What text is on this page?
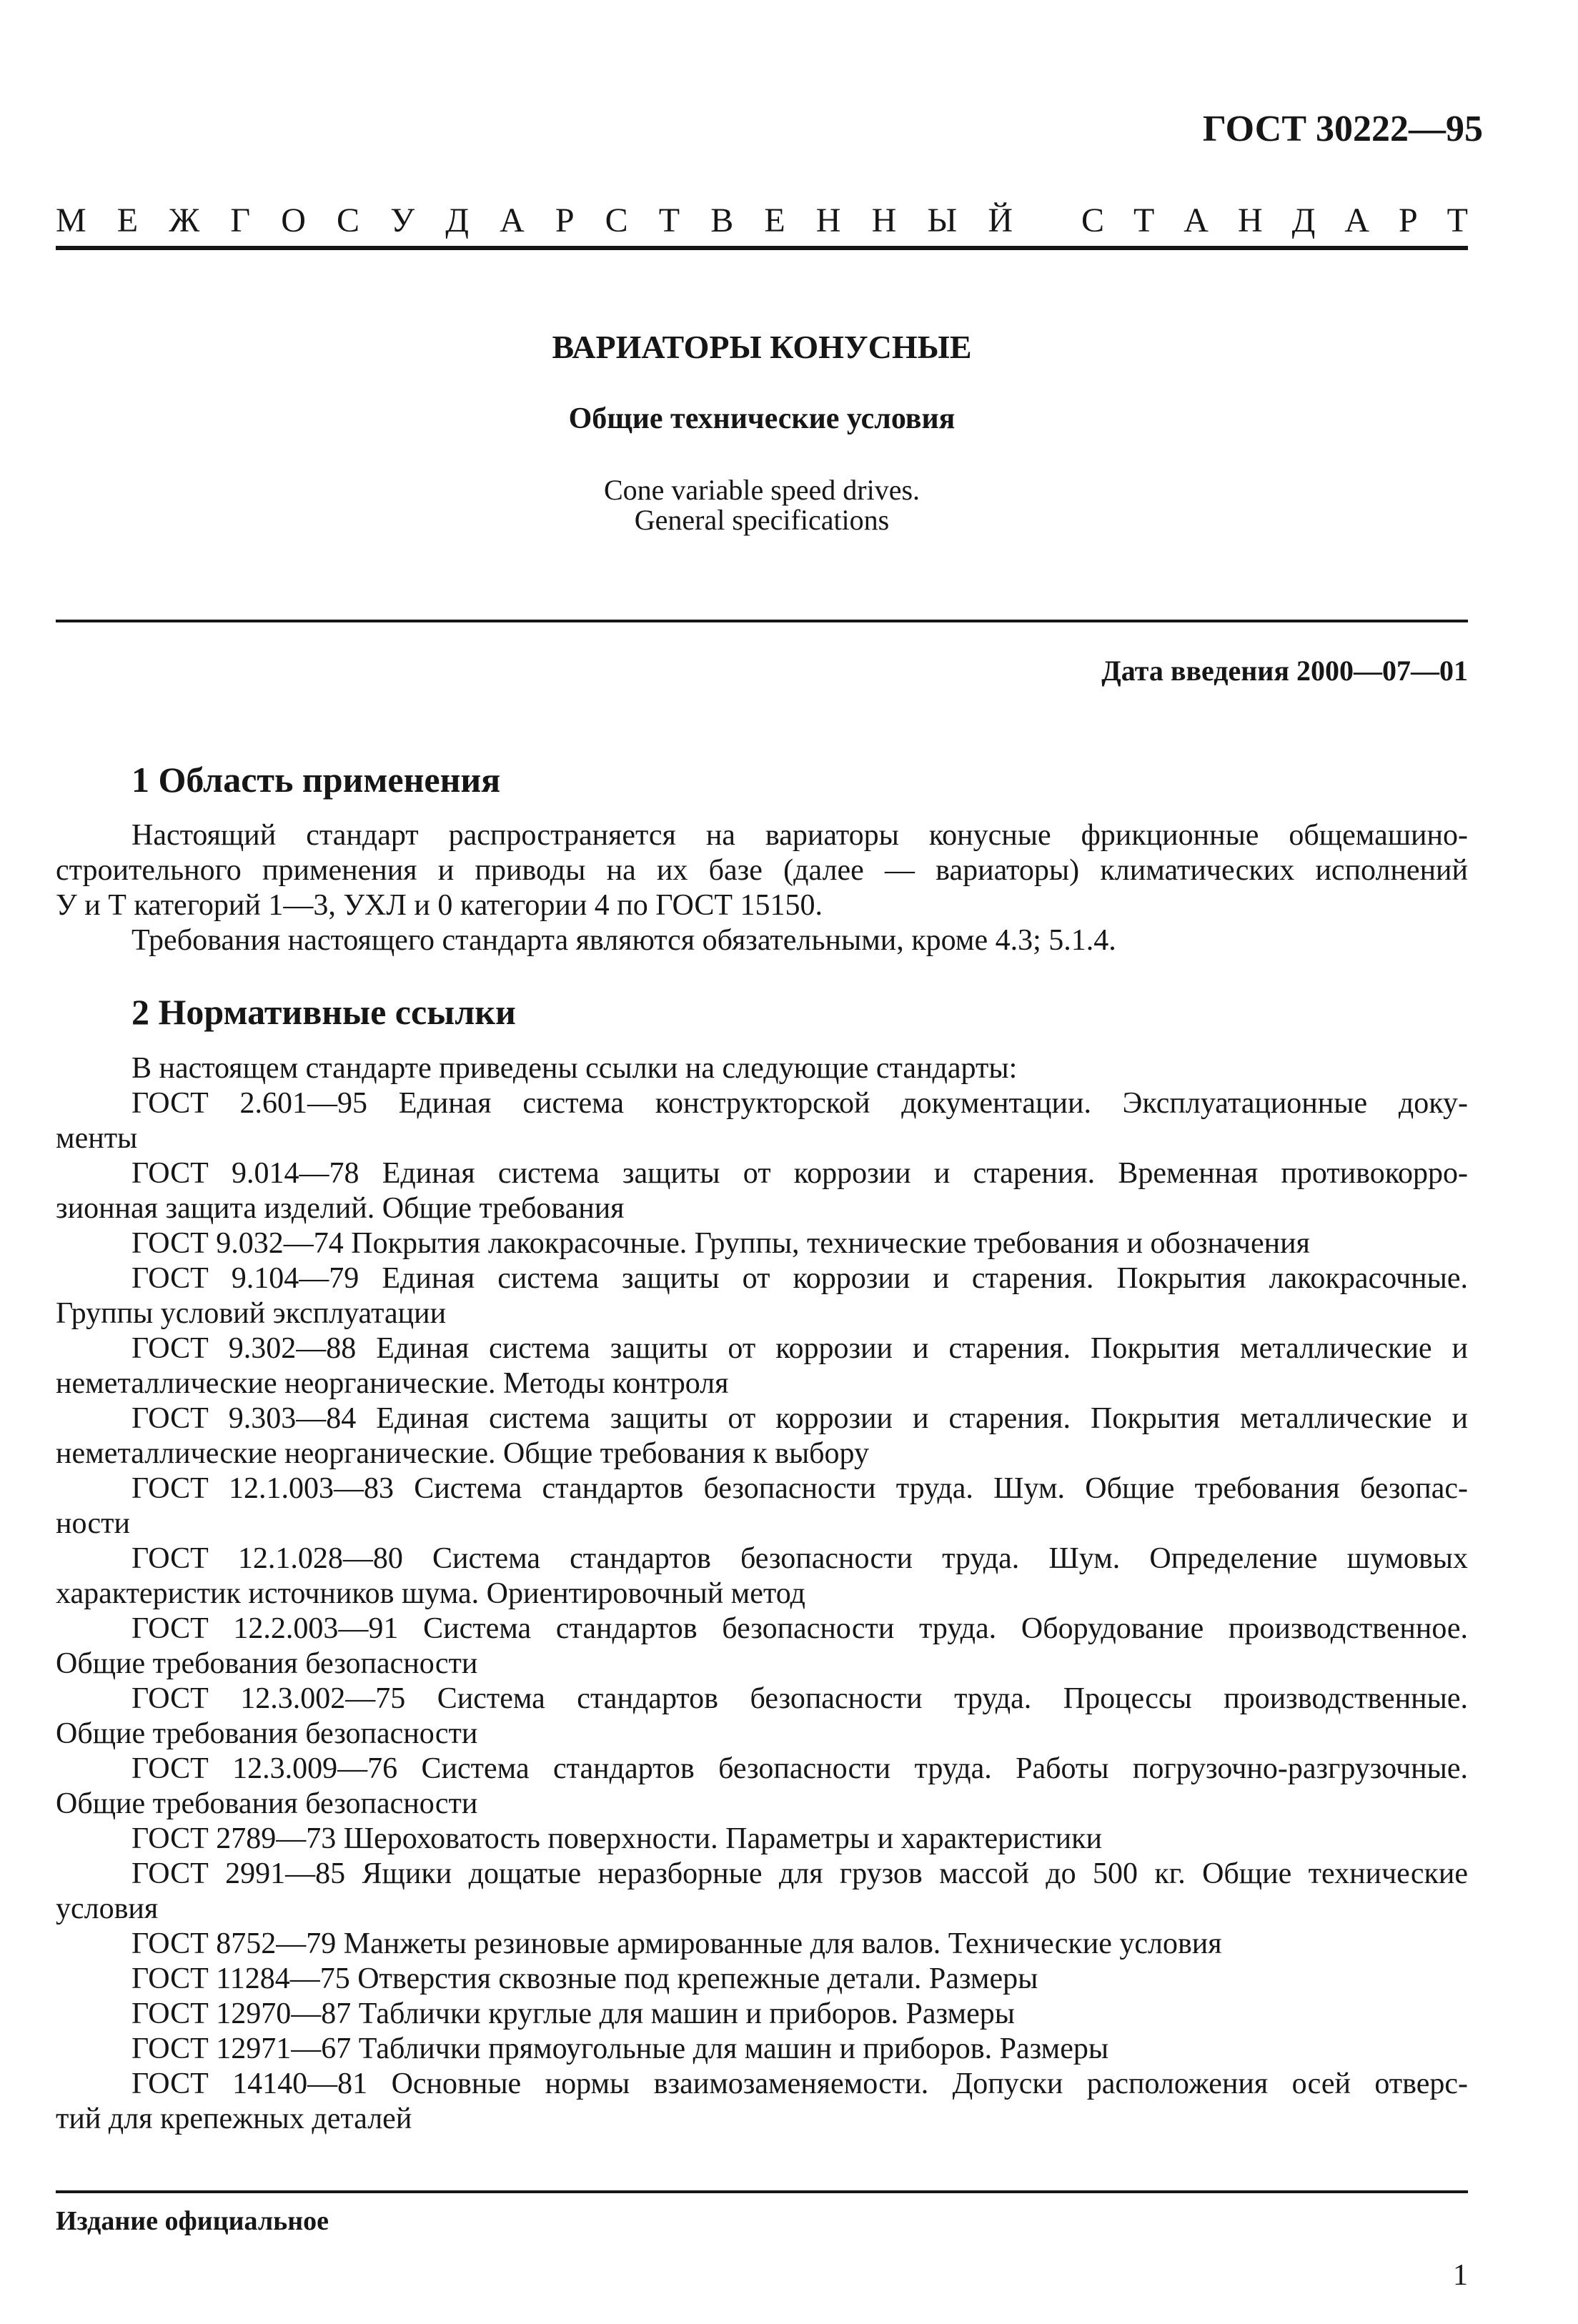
ГОСТ 30222—95
М Е Ж Г О С У Д А Р С Т В Е Н Н Ы Й С Т А Н Д А Р Т
ВАРИАТОРЫ КОНУСНЫЕ
Общие технические условия
Cone variable speed drives.
General specifications
Дата введения 2000—07—01
1 Область применения
Настоящий стандарт распространяется на вариаторы конусные фрикционные общемашино-
строительного применения и приводы на их базе (далее — вариаторы) климатических исполнений
У и Т категорий 1—3, УХЛ и 0 категории 4 по ГОСТ 15150.
Требования настоящего стандарта являются обязательными, кроме 4.3; 5.1.4.
2 Нормативные ссылки
В настоящем стандарте приведены ссылки на следующие стандарты:
ГОСТ 2.601—95 Единая система конструкторской документации. Эксплуатационные доку-
менты
ГОСТ 9.014—78 Единая система защиты от коррозии и старения. Временная противокорро-
зионная защита изделий. Общие требования
ГОСТ 9.032—74 Покрытия лакокрасочные. Группы, технические требования и обозначения
ГОСТ 9.104—79 Единая система защиты от коррозии и старения. Покрытия лакокрасочные.
Группы условий эксплуатации
ГОСТ 9.302—88 Единая система защиты от коррозии и старения. Покрытия металлические и
неметаллические неорганические. Методы контроля
ГОСТ 9.303—84 Единая система защиты от коррозии и старения. Покрытия металлические и
неметаллические неорганические. Общие требования к выбору
ГОСТ 12.1.003—83 Система стандартов безопасности труда. Шум. Общие требования безопас-
ности
ГОСТ 12.1.028—80 Система стандартов безопасности труда. Шум. Определение шумовых
характеристик источников шума. Ориентировочный метод
ГОСТ 12.2.003—91 Система стандартов безопасности труда. Оборудование производственное.
Общие требования безопасности
ГОСТ 12.3.002—75 Система стандартов безопасности труда. Процессы производственные.
Общие требования безопасности
ГОСТ 12.3.009—76 Система стандартов безопасности труда. Работы погрузочно-разгрузочные.
Общие требования безопасности
ГОСТ 2789—73 Шероховатость поверхности. Параметры и характеристики
ГОСТ 2991—85 Ящики дощатые неразборные для грузов массой до 500 кг. Общие технические
условия
ГОСТ 8752—79 Манжеты резиновые армированные для валов. Технические условия
ГОСТ 11284—75 Отверстия сквозные под крепежные детали. Размеры
ГОСТ 12970—87 Таблички круглые для машин и приборов. Размеры
ГОСТ 12971—67 Таблички прямоугольные для машин и приборов. Размеры
ГОСТ 14140—81 Основные нормы взаимозаменяемости. Допуски расположения осей отверс-
тий для крепежных деталей
Издание официальное
1
